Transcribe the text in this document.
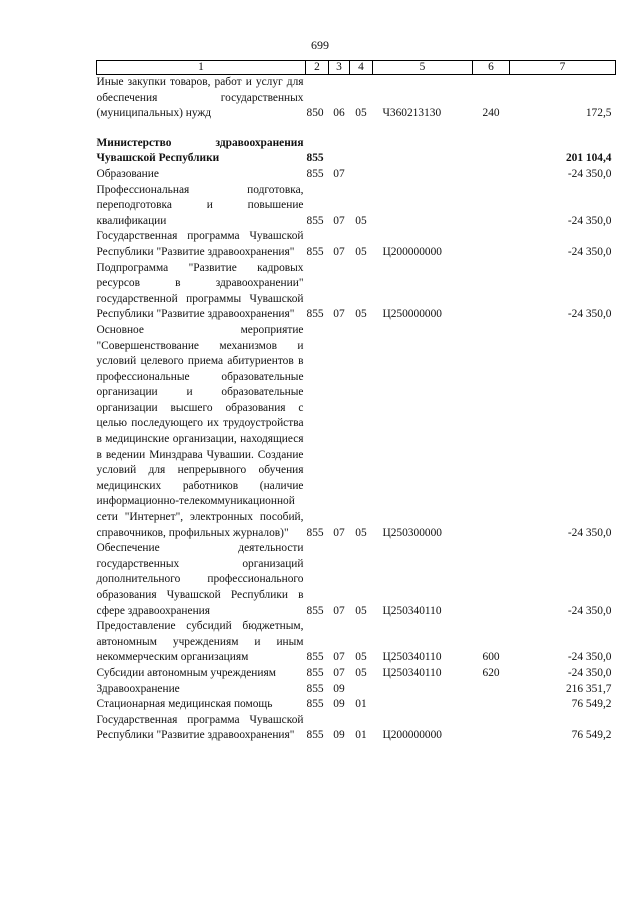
699
1	2	3	4	5	6	7
Иные закупки товаров, работ и услуг для обеспечения государственных (муниципальных) нужд	850	06	05	Ч360213130	240	172,5

Министерство здравоохранения Чувашской Республики	855					201 104,4
Образование	855	07				-24 350,0
Профессиональная подготовка, переподготовка и повышение квалификации	855	07	05			-24 350,0
Государственная программа Чувашской Республики "Развитие здравоохранения"	855	07	05	Ц200000000		-24 350,0
Подпрограмма "Развитие кадровых ресурсов в здравоохранении" государственной программы Чувашской Республики "Развитие здравоохранения"	855	07	05	Ц250000000		-24 350,0
Основное мероприятие "Совершенствование механизмов и условий целевого приема абитуриентов в профессиональные образовательные организации и образовательные организации высшего образования с целью последующего их трудоустройства в медицинские организации, находящиеся в ведении Минздрава Чувашии. Создание условий для непрерывного обучения медицинских работников (наличие информационно-телекоммуникационной сети "Интернет", электронных пособий, справочников, профильных журналов)"	855	07	05	Ц250300000		-24 350,0
Обеспечение деятельности государственных организаций дополнительного профессионального образования Чувашской Республики в сфере здравоохранения	855	07	05	Ц250340110		-24 350,0
Предоставление субсидий бюджетным, автономным учреждениям и иным некоммерческим организациям	855	07	05	Ц250340110	600	-24 350,0
Субсидии автономным учреждениям	855	07	05	Ц250340110	620	-24 350,0
Здравоохранение	855	09				216 351,7
Стационарная медицинская помощь	855	09	01			76 549,2
Государственная программа Чувашской Республики "Развитие здравоохранения"	855	09	01	Ц200000000		76 549,2
